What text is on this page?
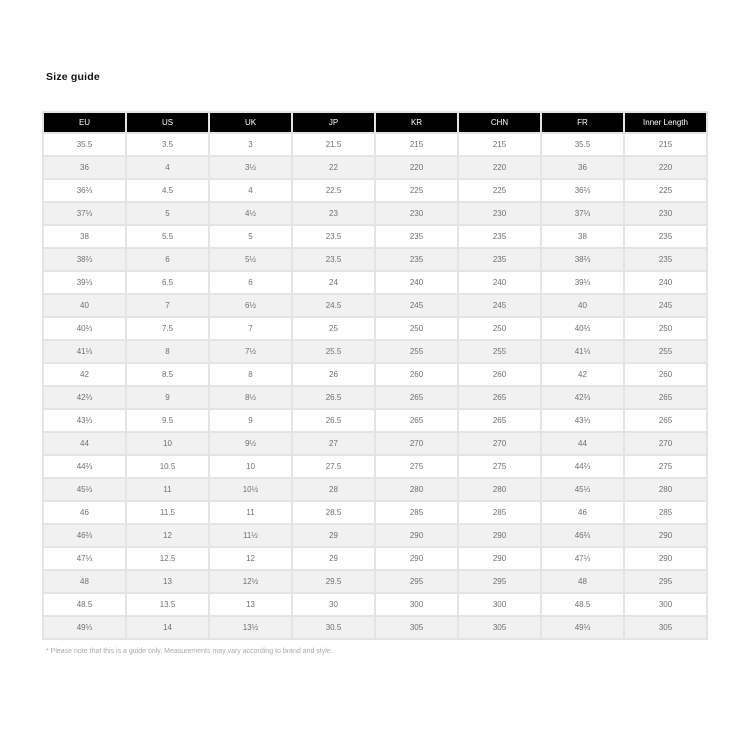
Size guide
EU	US	UK	JP	KR	CHN	FR	Inner Length
35.5	3.5	3	21.5	215	215	35.5	215
36	4	3½	22	220	220	36	220
36⅔	4.5	4	22.5	225	225	36⅔	225
37⅓	5	4½	23	230	230	37⅓	230
38	5.5	5	23.5	235	235	38	235
38⅔	6	5½	23.5	235	235	38⅔	235
39⅓	6.5	6	24	240	240	39⅓	240
40	7	6½	24.5	245	245	40	245
40⅔	7.5	7	25	250	250	40⅔	250
41⅓	8	7½	25.5	255	255	41⅓	255
42	8.5	8	26	260	260	42	260
42⅔	9	8½	26.5	265	265	42⅔	265
43⅓	9.5	9	26.5	265	265	43⅓	265
44	10	9½	27	270	270	44	270
44⅔	10.5	10	27.5	275	275	44⅔	275
45⅓	11	10½	28	280	280	45⅓	280
46	11.5	11	28.5	285	285	46	285
46⅔	12	11½	29	290	290	46⅔	290
47⅓	12.5	12	29	290	290	47⅓	290
48	13	12½	29.5	295	295	48	295
48.5	13.5	13	30	300	300	48.5	300
49⅓	14	13½	30.5	305	305	49⅓	305
* Please note that this is a guide only. Measurements may vary according to brand and style.
